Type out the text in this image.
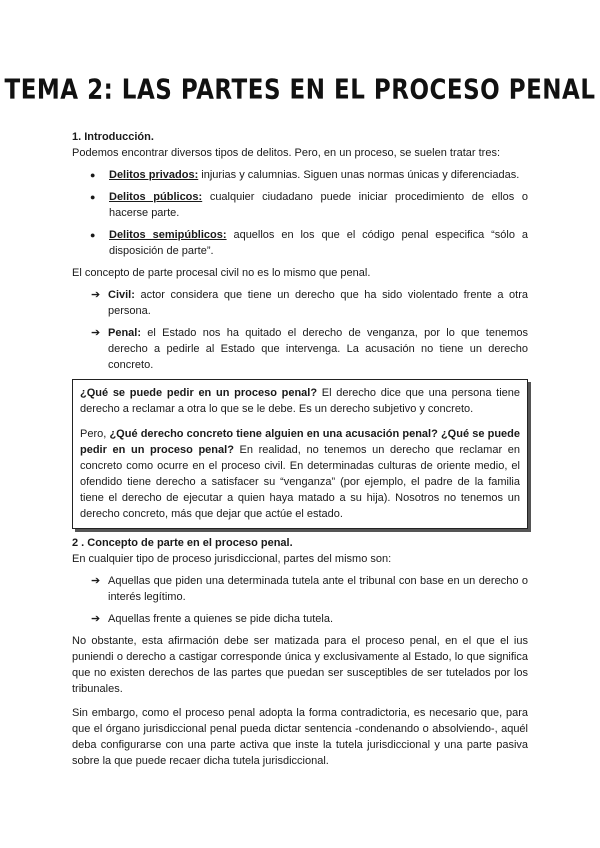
TEMA 2: LAS PARTES EN EL PROCESO PENAL

1. Introducción.

Podemos encontrar diversos tipos de delitos. Pero, en un proceso, se suelen tratar tres:

● Delitos privados: injurias y calumnias. Siguen unas normas únicas y diferenciadas.
● Delitos públicos: cualquier ciudadano puede iniciar procedimiento de ellos o hacerse parte.
● Delitos semipúblicos: aquellos en los que el código penal especifica “sólo a disposición de parte”.

El concepto de parte procesal civil no es lo mismo que penal.

➔ Civil: actor considera que tiene un derecho que ha sido violentado frente a otra persona.
➔ Penal: el Estado nos ha quitado el derecho de venganza, por lo que tenemos derecho a pedirle al Estado que intervenga. La acusación no tiene un derecho concreto.

¿Qué se puede pedir en un proceso penal? El derecho dice que una persona tiene derecho a reclamar a otra lo que se le debe. Es un derecho subjetivo y concreto.

Pero, ¿Qué derecho concreto tiene alguien en una acusación penal? ¿Qué se puede pedir en un proceso penal? En realidad, no tenemos un derecho que reclamar en concreto como ocurre en el proceso civil. En determinadas culturas de oriente medio, el ofendido tiene derecho a satisfacer su “venganza” (por ejemplo, el padre de la familia tiene el derecho de ejecutar a quien haya matado a su hija). Nosotros no tenemos un derecho concreto, más que dejar que actúe el estado.

2 . Concepto de parte en el proceso penal.

En cualquier tipo de proceso jurisdiccional, partes del mismo son:

➔ Aquellas que piden una determinada tutela ante el tribunal con base en un derecho o interés legítimo.
➔ Aquellas frente a quienes se pide dicha tutela.

No obstante, esta afirmación debe ser matizada para el proceso penal, en el que el ius puniendi o derecho a castigar corresponde única y exclusivamente al Estado, lo que significa que no existen derechos de las partes que puedan ser susceptibles de ser tutelados por los tribunales.

Sin embargo, como el proceso penal adopta la forma contradictoria, es necesario que, para que el órgano jurisdiccional penal pueda dictar sentencia -condenando o absolviendo-, aquél deba configurarse con una parte activa que inste la tutela jurisdiccional y una parte pasiva sobre la que puede recaer dicha tutela jurisdiccional.
